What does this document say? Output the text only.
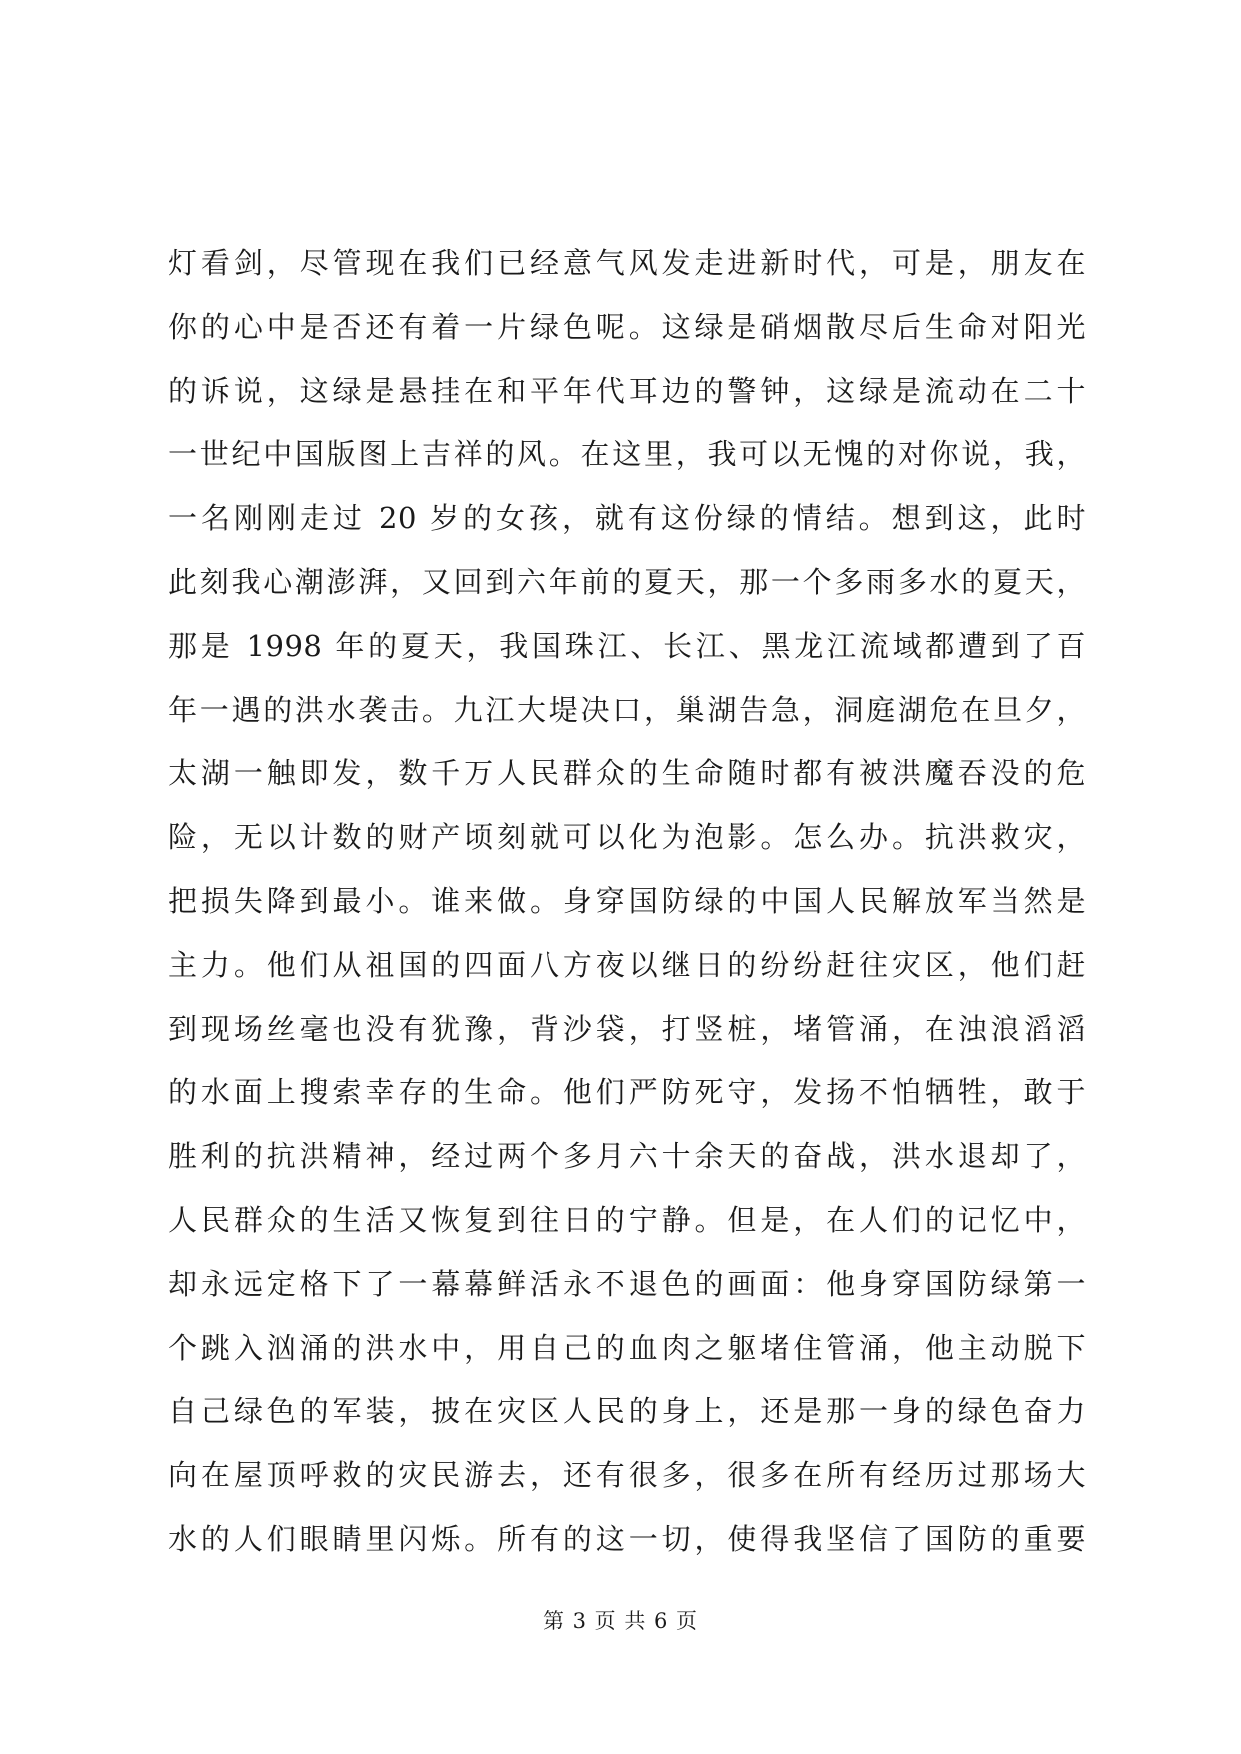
灯看剑，尽管现在我们已经意气风发走进新时代，可是，朋友在
你的心中是否还有着一片绿色呢。这绿是硝烟散尽后生命对阳光
的诉说，这绿是悬挂在和平年代耳边的警钟，这绿是流动在二十
一世纪中国版图上吉祥的风。在这里，我可以无愧的对你说，我，
一名刚刚走过 20 岁的女孩，就有这份绿的情结。想到这，此时
此刻我心潮澎湃，又回到六年前的夏天，那一个多雨多水的夏天，
那是 1998 年的夏天，我国珠江、长江、黑龙江流域都遭到了百
年一遇的洪水袭击。九江大堤决口，巢湖告急，洞庭湖危在旦夕，
太湖一触即发，数千万人民群众的生命随时都有被洪魔吞没的危
险，无以计数的财产顷刻就可以化为泡影。怎么办。抗洪救灾，
把损失降到最小。谁来做。身穿国防绿的中国人民解放军当然是
主力。他们从祖国的四面八方夜以继日的纷纷赶往灾区，他们赶
到现场丝毫也没有犹豫，背沙袋，打竖桩，堵管涌，在浊浪滔滔
的水面上搜索幸存的生命。他们严防死守，发扬不怕牺牲，敢于
胜利的抗洪精神，经过两个多月六十余天的奋战，洪水退却了，
人民群众的生活又恢复到往日的宁静。但是，在人们的记忆中，
却永远定格下了一幕幕鲜活永不退色的画面：他身穿国防绿第一
个跳入汹涌的洪水中，用自己的血肉之躯堵住管涌，他主动脱下
自己绿色的军装，披在灾区人民的身上，还是那一身的绿色奋力
向在屋顶呼救的灾民游去，还有很多，很多在所有经历过那场大
水的人们眼睛里闪烁。所有的这一切，使得我坚信了国防的重要
第 3 页 共 6 页
